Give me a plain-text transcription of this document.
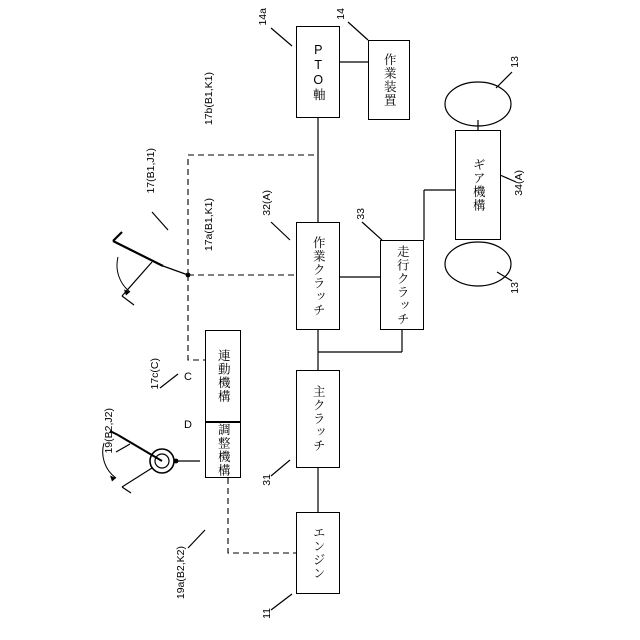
PTO軸	作業装置
ギア機構
作業クラッチ	走行クラッチ
主クラッチ
エンジン
連動機構
調整機構
14a	14
13
13
34(A)
17b(B1,K1)
17a(B1,K1)
17(B1,J1)
32(A)	33
31
11
17c(C)
19(B2,J2)
19a(B2,K2)
C
D
